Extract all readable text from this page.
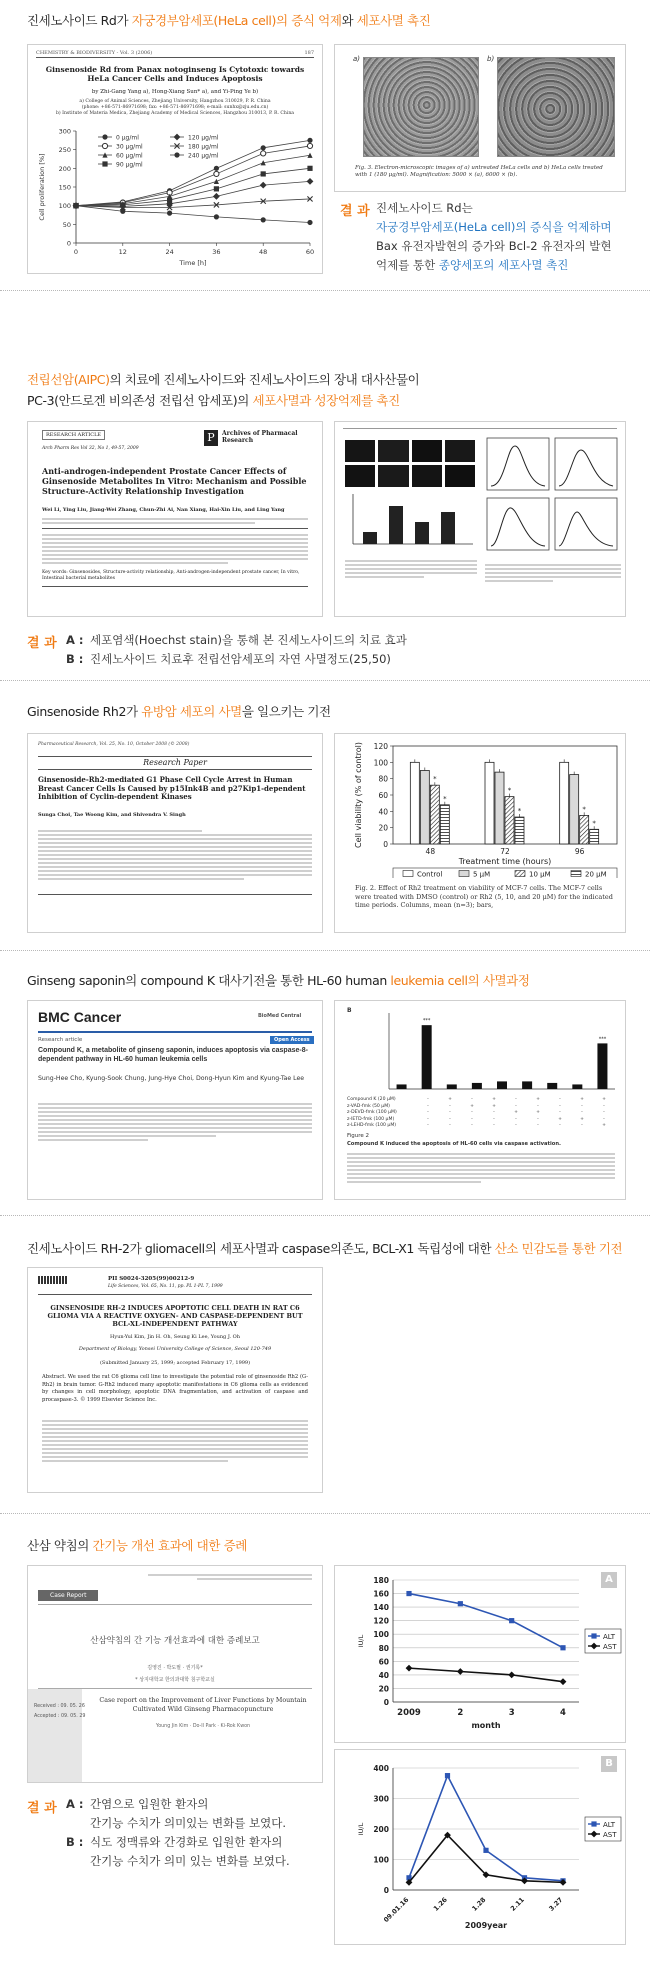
진세노사이드 Rd가 자궁경부암세포(HeLa cell)의 증식 억제와 세포사멸 촉진
CHEMISTRY & BIODIVERSITY - Vol. 3 (2006)	187
Ginsenoside Rd from Panax notoginseng Is Cytotoxic towards HeLa Cancer Cells and Induces Apoptosis
by Zhi-Gang Yang a), Hong-Xiang Sun* a), and Yi-Ping Ye b)
a) College of Animal Sciences, Zhejiang University, Hangzhou 310029, P. R. China
(phone: +86-571-86971698; fax: +86-571-86971698; e-mail: sunhx@zju.edu.cn)
b) Institute of Materia Medica, Zhejiang Academy of Medical Sciences, Hangzhou 310013, P. R. China
0
50
100
150
200
250
300
0	12	24	36	48	60
Time [h]
Cell proliferation [%]
0 μg/ml
30 μg/ml
60 μg/ml
90 μg/ml
120 μg/ml
180 μg/ml
240 μg/ml
a)	b)
Fig. 3. Electron-microscopic images of a) untreated HeLa cells and b) HeLa cells treated with 1 (180 μg/ml). Magnification: 5000 × (a), 6000 × (b).
결 과 진세노사이드 Rd는
자궁경부암세포(HeLa cell)의 증식을 억제하며
Bax 유전자발현의 증가와 Bcl-2 유전자의 발현
억제를 통한 종양세포의 세포사멸 촉진
전립선암(AIPC)의 치료에 진세노사이드와 진세노사이드의 장내 대사산물이
PC-3(안드로겐 비의존성 전립선 암세포)의 세포사멸과 성장억제를 촉진
RESEARCH ARTICLE	P	Archives of Pharmacal Research
Arch Pharm Res Vol 32, No 1, 49-57, 2009
Anti-androgen-independent Prostate Cancer Effects of Ginsenoside Metabolites In Vitro: Mechanism and Possible Structure-Activity Relationship Investigation
Wei Li, Ying Liu, Jiang-Wei Zhang, Chun-Zhi Ai, Nan Xiang, Hai-Xin Liu, and Ling Yang
Key words: Ginsenosides, Structure-activity relationship, Anti-androgen-independent prostate cancer, In vitro, Intestinal bacterial metabolites
결 과 A : 세포염색(Hoechst stain)을 통해 본 진세노사이드의 치료 효과
B : 진세노사이드 치료후 전립선암세포의 자연 사멸정도(25,50)
Ginsenoside Rh2가 유방암 세포의 사멸을 일으키는 기전
Pharmaceutical Research, Vol. 25, No. 10, October 2008 (© 2008)
Research Paper
Ginsenoside-Rh2-mediated G1 Phase Cell Cycle Arrest in Human Breast Cancer Cells Is Caused by p15Ink4B and p27Kip1-dependent Inhibition of Cyclin-dependent Kinases
Sunga Choi, Tae Woong Kim, and Shivendra V. Singh
0
20
40
60
80
100
120
Cell viability (% of control)	*
*
48
*
*
72
*
*
96
Treatment time (hours)
Control	5 μM	10 μM	20 μM
Fig. 2. Effect of Rh2 treatment on viability of MCF-7 cells. The MCF-7 cells were treated with DMSO (control) or Rh2 (5, 10, and 20 μM) for the indicated time periods. Columns, mean (n=3); bars,
Ginseng saponin의 compound K 대사기전을 통한 HL-60 human leukemia cell의 사멸과정
BMC Cancer	BioMed Central
Research article	Open Access
Compound K, a metabolite of ginseng saponin, induces apoptosis via caspase-8-dependent pathway in HL-60 human leukemia cells
Sung-Hee Cho, Kyung-Sook Chung, Jung-Hye Choi, Dong-Hyun Kim and Kyung-Tae Lee
B
***
***
Compound K (20 μM)	-	+	-	+	-	+	-	+	+
z-VAD-fmk (50 μM)	-	-	+	+	-	-	-	-	-
z-DEVD-fmk (100 μM)	-	-	-	-	+	+	-	-	-
z-IETD-fmk (100 μM)	-	-	-	-	-	-	+	+	-
z-LEHD-fmk (100 μM)	-	-	-	-	-	-	-	-	+
Figure 2
Compound K induced the apoptosis of HL-60 cells via caspase activation.
진세노사이드 RH-2가 gliomacell의 세포사멸과 caspase의존도, BCL-X1 독립성에 대한 산소 민감도를 통한 기전
PII S0024-3205(99)00212-9
Life Sciences, Vol. 65, No. 11, pp. PL 1-PL 7, 1999
GINSENOSIDE RH-2 INDUCES APOPTOTIC CELL DEATH IN RAT C6 GLIOMA VIA A REACTIVE OXYGEN- AND CASPASE-DEPENDENT BUT BCL-XL-INDEPENDENT PATHWAY
Hyun-Yul Kim, Jin H. Oh, Seung Ki Lee, Young J. Oh
Department of Biology, Yonsei University College of Science, Seoul 120-749
(Submitted January 25, 1999; accepted February 17, 1999)
Abstract. We used the rat C6 glioma cell line to investigate the potential role of ginsenoside Rh2 (G-Rh2) in brain tumor. G-Rh2 induced many apoptotic manifestations in C6 glioma cells as evidenced by changes in cell morphology, apoptotic DNA fragmentation, and activation of caspase and procaspase-3. © 1999 Elsevier Science Inc.
산삼 약침의 간기능 개선 효과에 대한 증례
Case Report
산삼약침의 간 기능 개선효과에 대한 증례보고
김영진 · 박도필 · 권기록*
* 상지대학교 한의과대학 침구학교실
Received : 09. 05. 26
Accepted : 09. 05. 29
Case report on the Improvement of Liver Functions by Mountain Cultivated Wild Ginseng Pharmacopuncture
Young Jin Kim · Do-Il Park · Ki-Rok Kwon
A
0
20
40
60
80
100
120
140
160
180
2009	2	3	4
month
IU/L	ALT
AST
결 과 A : 간염으로 입원한 환자의
간기능 수치가 의미있는 변화를 보였다.
B : 식도 정맥류와 간경화로 입원한 환자의
간기능 수치가 의미 있는 변화를 보였다.
B
0
100
200
300
400
09.01.16	1.26	1.28	2.11	3.27
2009year
IU/L	ALT
AST
